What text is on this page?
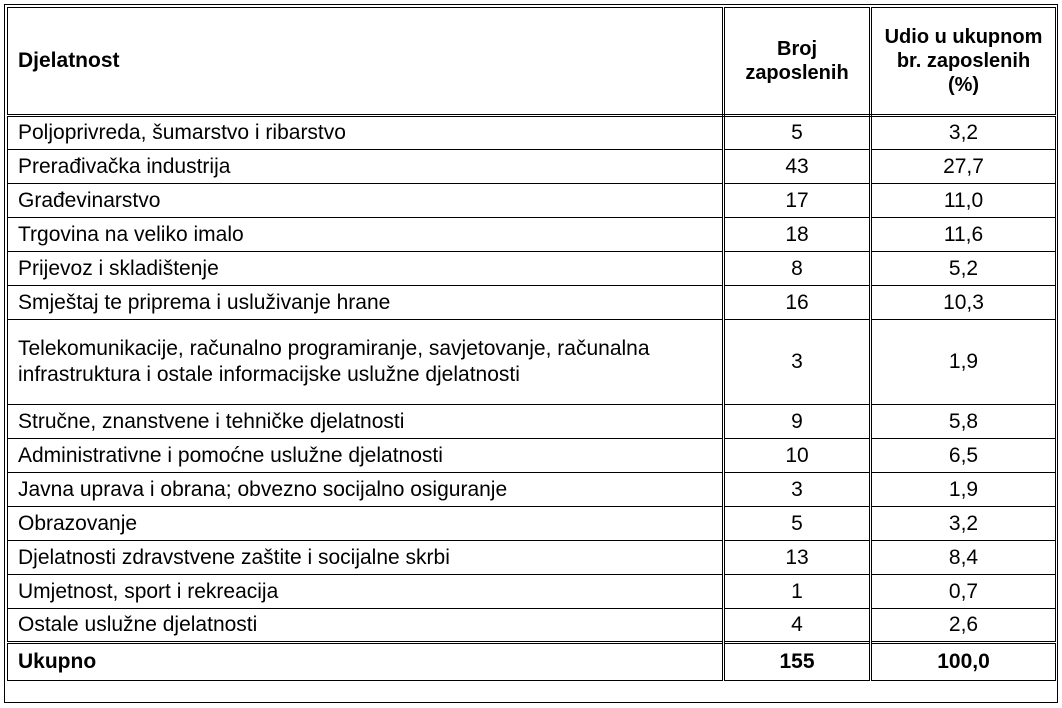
Djelatnost	Broj zaposlenih	Udio u ukupnom br. zaposlenih (%)
Poljoprivreda, šumarstvo i ribarstvo	5	3,2
Prerađivačka industrija	43	27,7
Građevinarstvo	17	11,0
Trgovina na veliko imalo	18	11,6
Prijevoz i skladištenje	8	5,2
Smještaj te priprema i usluživanje hrane	16	10,3
Telekomunikacije, računalno programiranje, savjetovanje, računalna infrastruktura i ostale informacijske uslužne djelatnosti	3	1,9
Stručne, znanstvene i tehničke djelatnosti	9	5,8
Administrativne i pomoćne uslužne djelatnosti	10	6,5
Javna uprava i obrana; obvezno socijalno osiguranje	3	1,9
Obrazovanje	5	3,2
Djelatnosti zdravstvene zaštite i socijalne skrbi	13	8,4
Umjetnost, sport i rekreacija	1	0,7
Ostale uslužne djelatnosti	4	2,6
Ukupno	155	100,0
